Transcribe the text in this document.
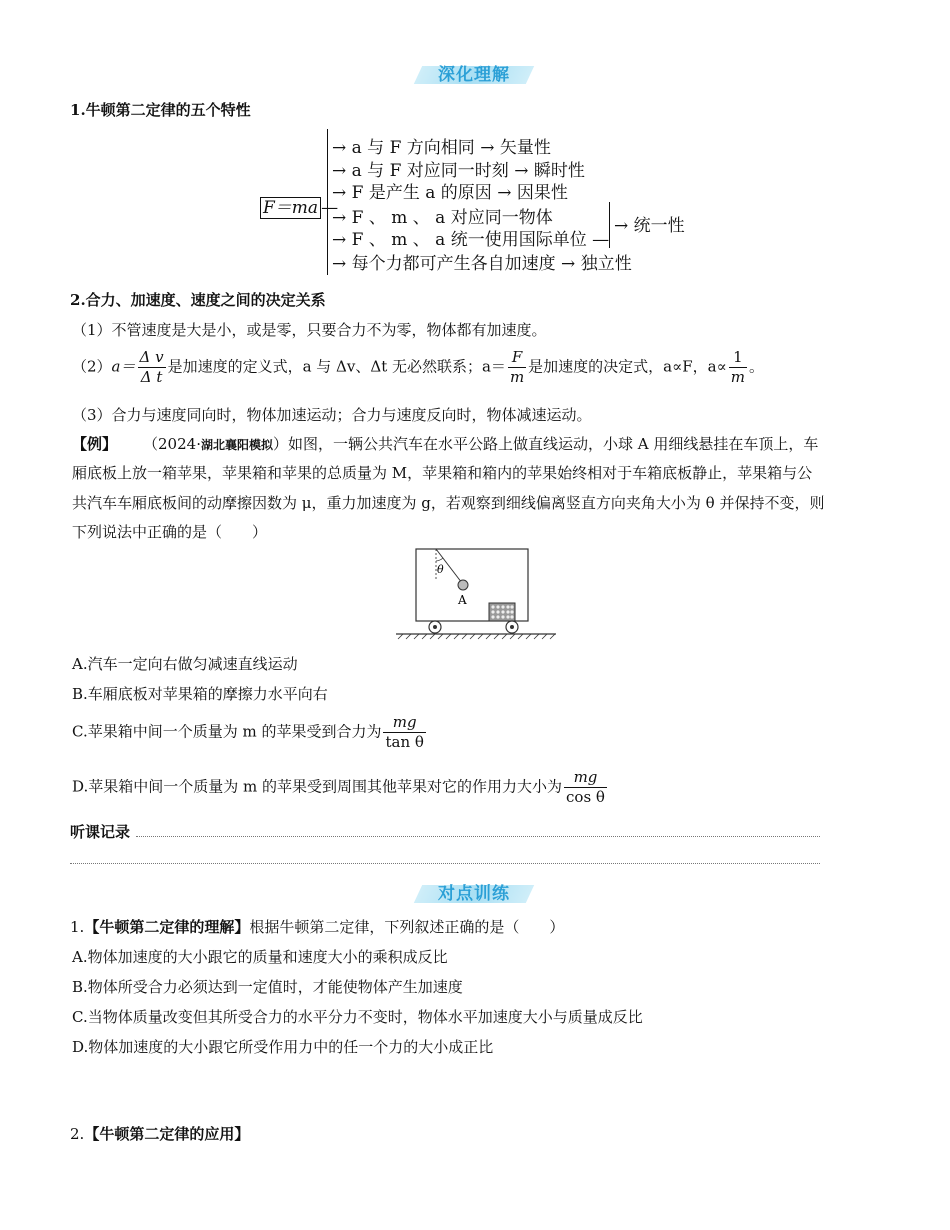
深化理解
1.牛顿第二定律的五个特性
F＝ma —
→ a 与 F 方向相同 → 矢量性
→ a 与 F 对应同一时刻 → 瞬时性
→ F 是产生 a 的原因 → 因果性
→ F 、 m 、 a 对应同一物体
→ F 、 m 、 a 统一使用国际单位 —
→ 统一性
→ 每个力都可产生各自加速度 → 独立性
2.合力、加速度、速度之间的决定关系
（1）不管速度是大是小，或是零，只要合力不为零，物体都有加速度。
$(2)a= \frac{\text{Δ v}}{\text{Δ t}}$ 是加速度的定义式，a 与 Δv、Δt 无必然联系；$a= \frac{F}{m}$ 是加速度的决定式，a∝F，$a\propto \frac{1}{m}$ 。
（3）合力与速度同向时，物体加速运动；合力与速度反向时，物体减速运动。
【例】 （2024·湖北襄阳模拟）如图，一辆公共汽车在水平公路上做直线运动，小球 A 用细线悬挂在车顶上，车
厢底板上放一箱苹果，苹果箱和苹果的总质量为 M，苹果箱和箱内的苹果始终相对于车箱底板静止，苹果箱与公
共汽车车厢底板间的动摩擦因数为 μ，重力加速度为 g，若观察到细线偏离竖直方向夹角大小为 θ 并保持不变，则
下列说法中正确的是（　　）
θ
A
A.汽车一定向右做匀减速直线运动
B.车厢底板对苹果箱的摩擦力水平向右
C.苹果箱中间一个质量为 m 的苹果受到合力为 $\frac{mg}{\text{tan θ}}$
D.苹果箱中间一个质量为 m 的苹果受到周围其他苹果对它的作用力大小为 $\frac{mg}{\text{cos θ}}$
听课记录
对点训练
1.【牛顿第二定律的理解】根据牛顿第二定律，下列叙述正确的是（　　）
A.物体加速度的大小跟它的质量和速度大小的乘积成反比
B.物体所受合力必须达到一定值时，才能使物体产生加速度
C.当物体质量改变但其所受合力的水平分力不变时，物体水平加速度大小与质量成反比
D.物体加速度的大小跟它所受作用力中的任一个力的大小成正比
2.【牛顿第二定律的应用】
